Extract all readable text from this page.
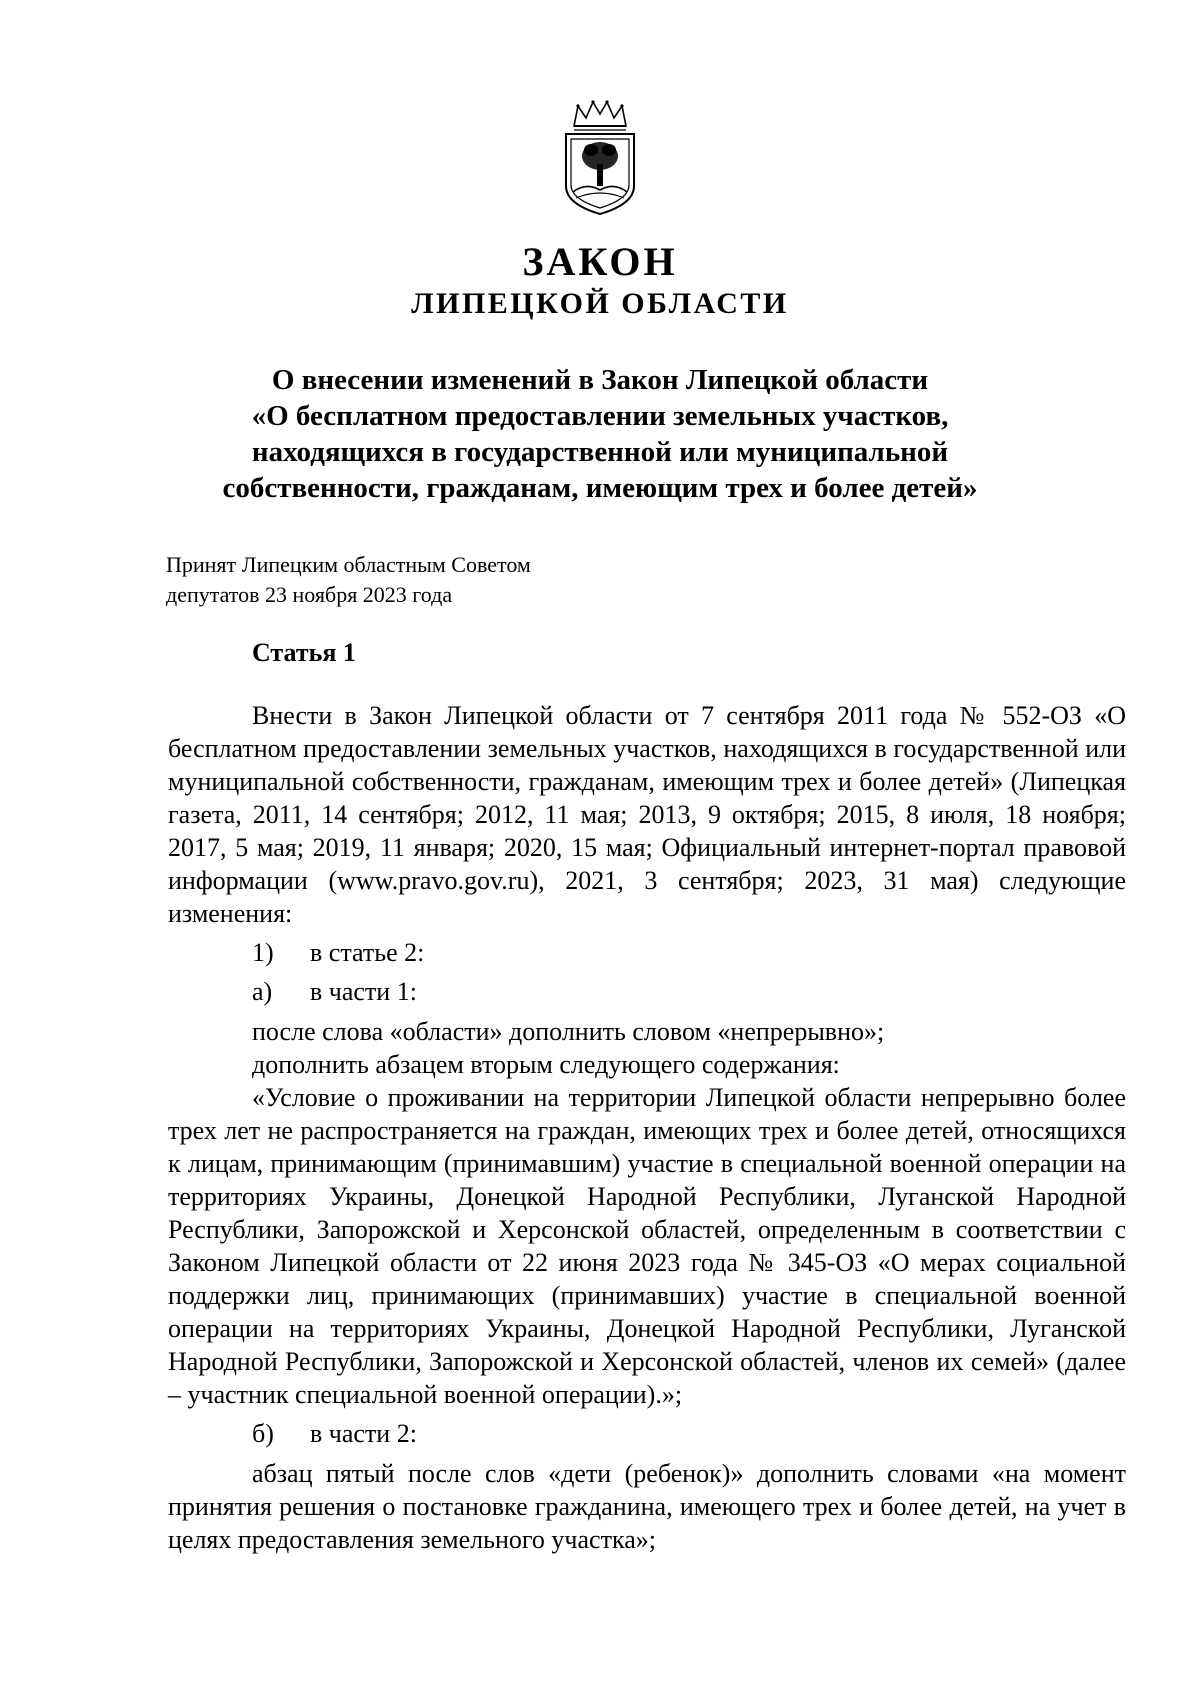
ЗАКОН
ЛИПЕЦКОЙ ОБЛАСТИ
О внесении изменений в Закон Липецкой области
«О бесплатном предоставлении земельных участков,
находящихся в государственной или муниципальной
собственности, гражданам, имеющим трех и более детей»
Принят Липецким областным Советом
депутатов 23 ноября 2023 года
Статья 1

Внести в Закон Липецкой области от 7 сентября 2011 года № 552-ОЗ «О бесплатном предоставлении земельных участков, находящихся в государственной или муниципальной собственности, гражданам, имеющим трех и более детей» (Липецкая газета, 2011, 14 сентября; 2012, 11 мая; 2013, 9 октября; 2015, 8 июля, 18 ноября; 2017, 5 мая; 2019, 11 января; 2020, 15 мая; Официальный интернет-портал правовой информации (www.pravo.gov.ru), 2021, 3 сентября; 2023, 31 мая) следующие изменения:

1) в статье 2:
а) в части 1:

после слова «области» дополнить словом «непрерывно»;

дополнить абзацем вторым следующего содержания:

«Условие о проживании на территории Липецкой области непрерывно более трех лет не распространяется на граждан, имеющих трех и более детей, относящихся к лицам, принимающим (принимавшим) участие в специальной военной операции на территориях Украины, Донецкой Народной Республики, Луганской Народной Республики, Запорожской и Херсонской областей, определенным в соответствии с Законом Липецкой области от 22 июня 2023 года № 345-ОЗ «О мерах социальной поддержки лиц, принимающих (принимавших) участие в специальной военной операции на территориях Украины, Донецкой Народной Республики, Луганской Народной Республики, Запорожской и Херсонской областей, членов их семей» (далее – участник специальной военной операции).»;

б) в части 2:

абзац пятый после слов «дети (ребенок)» дополнить словами «на момент принятия решения о постановке гражданина, имеющего трех и более детей, на учет в целях предоставления земельного участка»;
